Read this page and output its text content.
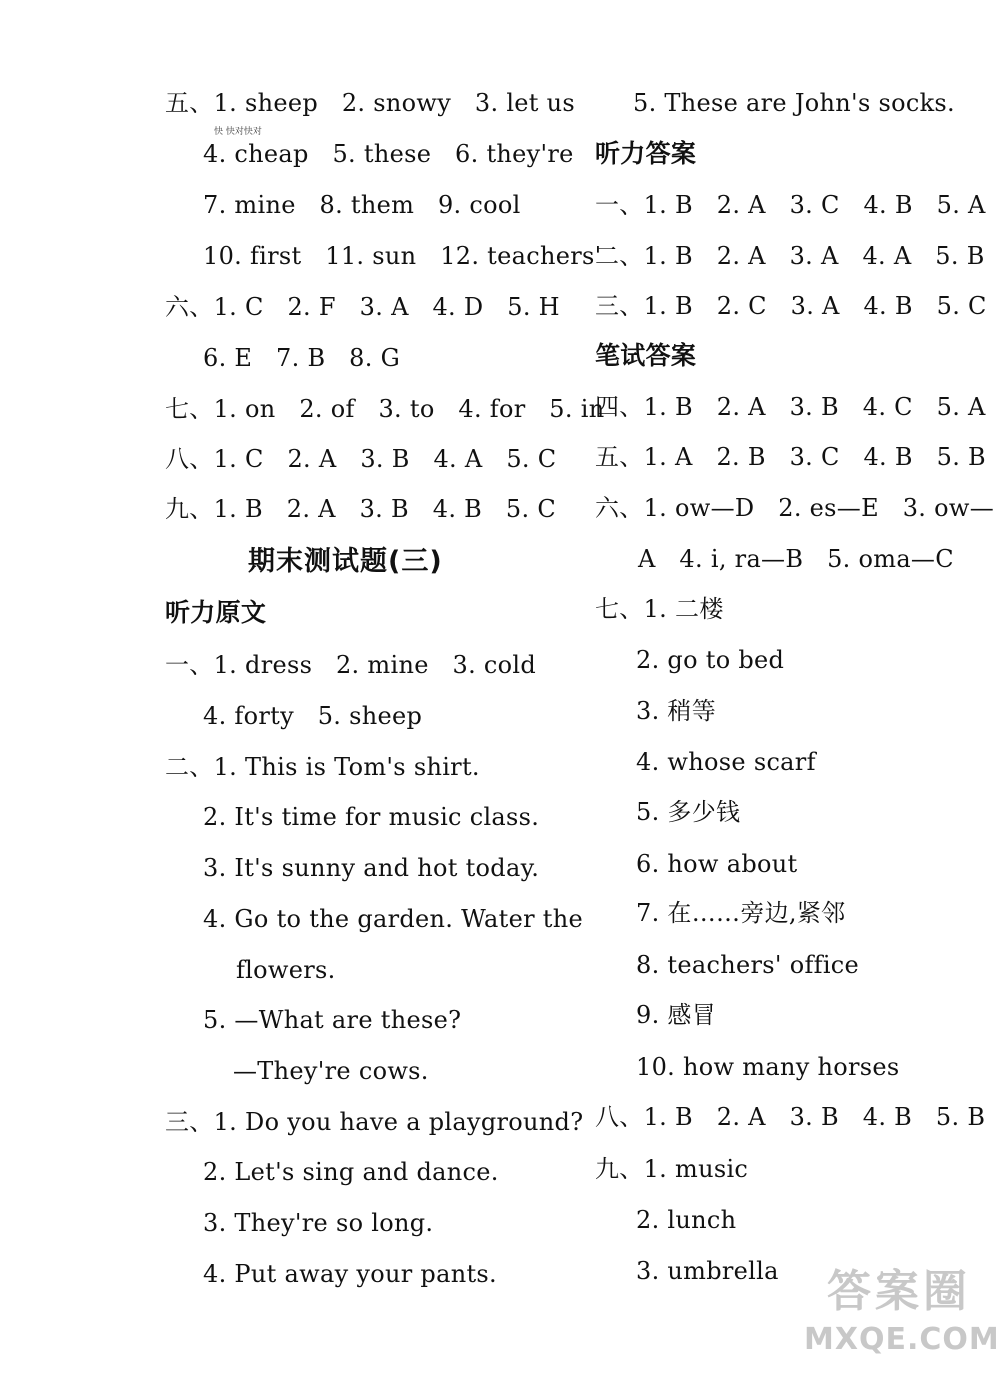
五、1. sheep   2. snowy   3. let us
快 快对快对
4. cheap   5. these   6. they're
7. mine   8. them   9. cool
10. first   11. sun   12. teachers'
六、1. C   2. F   3. A   4. D   5. H
6. E   7. B   8. G
七、1. on   2. of   3. to   4. for   5. in
八、1. C   2. A   3. B   4. A   5. C
九、1. B   2. A   3. B   4. B   5. C
期末测试题(三)
听力原文
一、1. dress   2. mine   3. cold
4. forty   5. sheep
二、1. This is Tom's shirt.
2. It's time for music class.
3. It's sunny and hot today.
4. Go to the garden. Water the
flowers.
5. —What are these?
—They're cows.
三、1. Do you have a playground?
2. Let's sing and dance.
3. They're so long.
4. Put away your pants.
5. These are John's socks.
听力答案
一、1. B   2. A   3. C   4. B   5. A
二、1. B   2. A   3. A   4. A   5. B
三、1. B   2. C   3. A   4. B   5. C
笔试答案
四、1. B   2. A   3. B   4. C   5. A
五、1. A   2. B   3. C   4. B   5. B
六、1. ow—D   2. es—E   3. ow—
A   4. i, ra—B   5. oma—C
七、1. 二楼
2. go to bed
3. 稍等
4. whose scarf
5. 多少钱
6. how about
7. 在……旁边,紧邻
8. teachers' office
9. 感冒
10. how many horses
八、1. B   2. A   3. B   4. B   5. B
九、1. music
2. lunch
3. umbrella	答案圈
MXQE.COM
